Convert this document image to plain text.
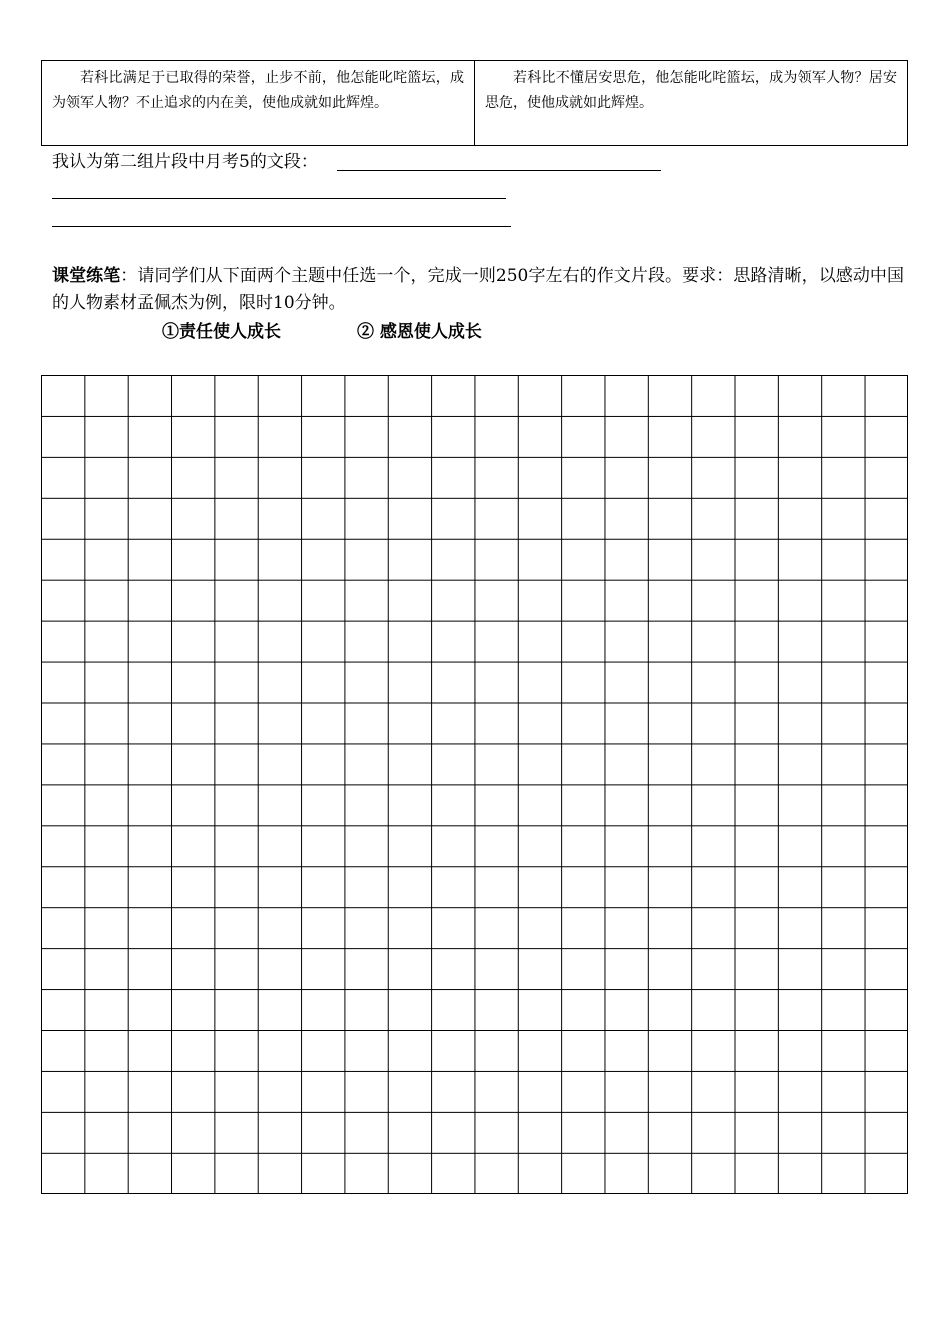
若科比满足于已取得的荣誉，止步不前，他怎能叱咤篮坛，成为领军人物？不止追求的内在美，使他成就如此辉煌。
若科比不懂居安思危，他怎能叱咤篮坛，成为领军人物？居安思危，使他成就如此辉煌。
我认为第二组片段中月考5的文段：
课堂练笔：请同学们从下面两个主题中任选一个，完成一则250字左右的作文片段。要求：思路清晰，以感动中国的人物素材孟佩杰为例，限时10分钟。
①责任使人成长	② 感恩使人成长
